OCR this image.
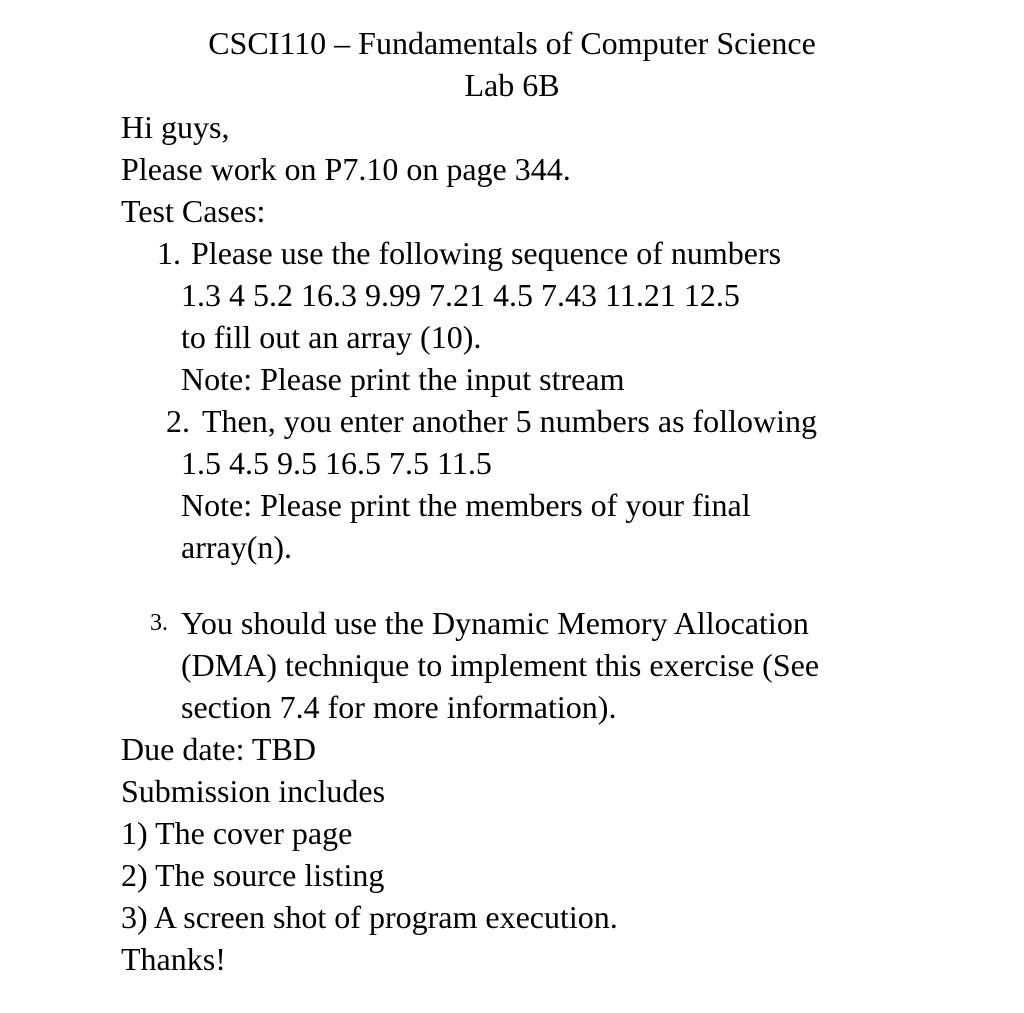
CSCI110 – Fundamentals of Computer Science

Lab 6B

Hi guys,

Please work on P7.10 on page 344.

Test Cases:

1. Please use the following sequence of numbers

1.3 4 5.2 16.3 9.99 7.21 4.5 7.43 11.21 12.5

to fill out an array (10).

Note: Please print the input stream

2. Then, you enter another 5 numbers as following

1.5 4.5 9.5 16.5 7.5 11.5

Note: Please print the members of your final

array(n).

3. You should use the Dynamic Memory Allocation

(DMA) technique to implement this exercise (See

section 7.4 for more information).

Due date: TBD

Submission includes

1) The cover page

2) The source listing

3) A screen shot of program execution.

Thanks!
